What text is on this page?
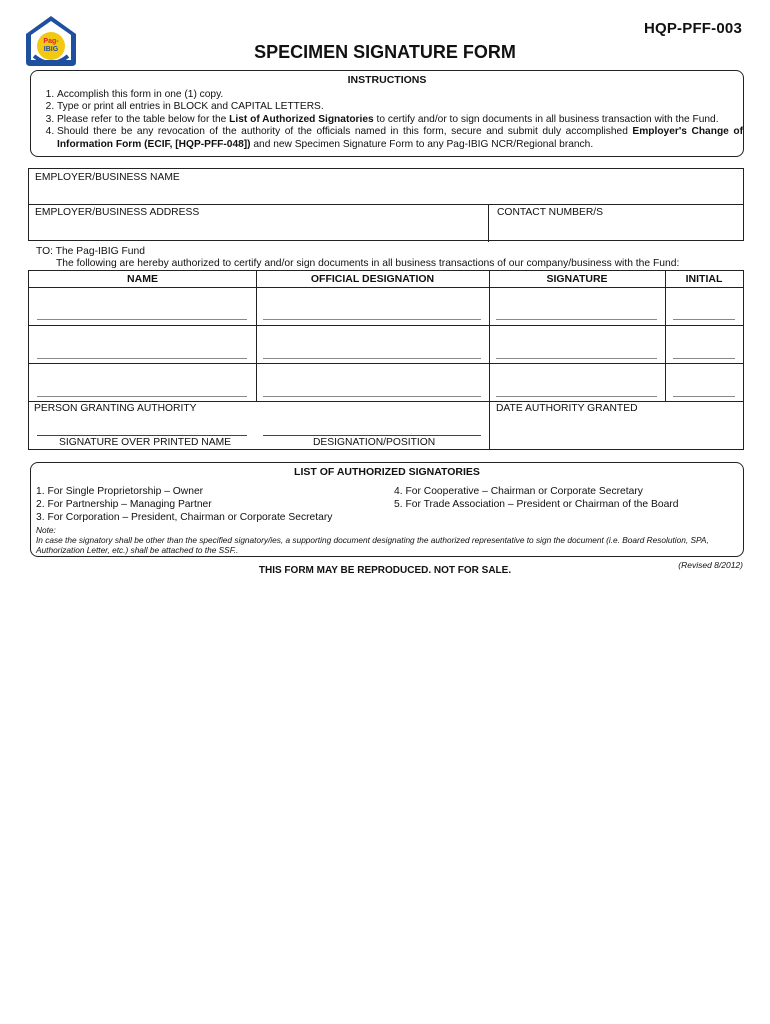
Pag-
IBIG
HQP-PFF-003
SPECIMEN SIGNATURE FORM
INSTRUCTIONS
1. Accomplish this form in one (1) copy.
2. Type or print all entries in BLOCK and CAPITAL LETTERS.
3. Please refer to the table below for the List of Authorized Signatories to certify and/or to sign documents in all business transaction with the Fund.
4. Should there be any revocation of the authority of the officials named in this form, secure and submit duly accomplished Employer's Change of Information Form (ECIF, [HQP-PFF-048]) and new Specimen Signature Form to any Pag-IBIG NCR/Regional branch.
EMPLOYER/BUSINESS NAME
EMPLOYER/BUSINESS ADDRESS	CONTACT NUMBER/S
TO: The Pag-IBIG Fund
The following are hereby authorized to certify and/or sign documents in all business transactions of our company/business with the Fund:
NAME	OFFICIAL DESIGNATION	SIGNATURE	INITIAL
PERSON GRANTING AUTHORITY	DATE AUTHORITY GRANTED
SIGNATURE OVER PRINTED NAME	DESIGNATION/POSITION
LIST OF AUTHORIZED SIGNATORIES
1. For Single Proprietorship – Owner
2. For Partnership – Managing Partner
3. For Corporation – President, Chairman or Corporate Secretary
4. For Cooperative – Chairman or Corporate Secretary
5. For Trade Association – President or Chairman of the Board
Note:
In case the signatory shall be other than the specified signatory/ies, a supporting document designating the authorized representative to sign the document (i.e. Board Resolution, SPA, Authorization Letter, etc.) shall be attached to the SSF..
(Revised 8/2012)
THIS FORM MAY BE REPRODUCED. NOT FOR SALE.
